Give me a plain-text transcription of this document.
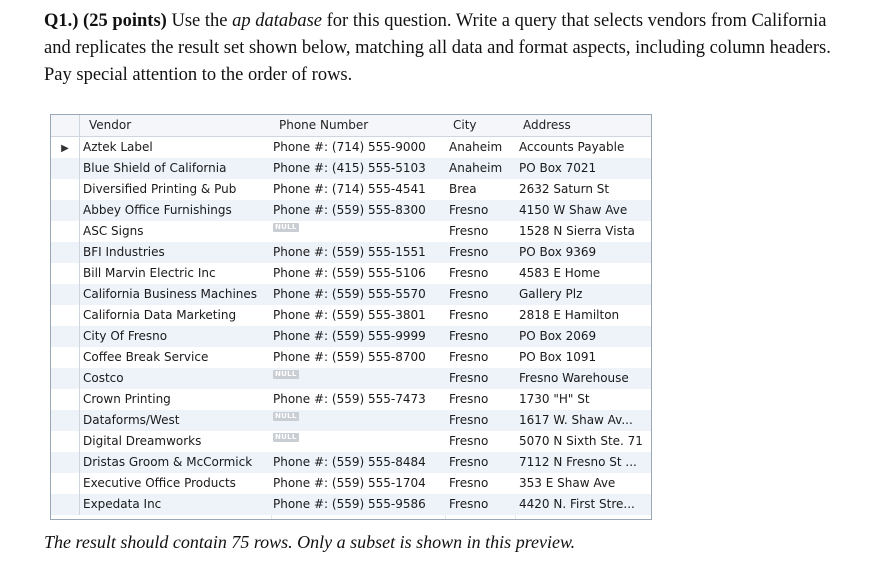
Q1.) (25 points) Use the ap database for this question. Write a query that selects vendors from California and replicates the result set shown below, matching all data and format aspects, including column headers. Pay special attention to the order of rows.
Vendor	Phone Number	City	Address
▶	Aztek Label	Phone #: (714) 555-9000	Anaheim	Accounts Payable
Blue Shield of California	Phone #: (415) 555-5103	Anaheim	PO Box 7021
Diversified Printing & Pub	Phone #: (714) 555-4541	Brea	2632 Saturn St
Abbey Office Furnishings	Phone #: (559) 555-8300	Fresno	4150 W Shaw Ave
ASC Signs	NULL	Fresno	1528 N Sierra Vista
BFI Industries	Phone #: (559) 555-1551	Fresno	PO Box 9369
Bill Marvin Electric Inc	Phone #: (559) 555-5106	Fresno	4583 E Home
California Business Machines	Phone #: (559) 555-5570	Fresno	Gallery Plz
California Data Marketing	Phone #: (559) 555-3801	Fresno	2818 E Hamilton
City Of Fresno	Phone #: (559) 555-9999	Fresno	PO Box 2069
Coffee Break Service	Phone #: (559) 555-8700	Fresno	PO Box 1091
Costco	NULL	Fresno	Fresno Warehouse
Crown Printing	Phone #: (559) 555-7473	Fresno	1730 "H" St
Dataforms/West	NULL	Fresno	1617 W. Shaw Av...
Digital Dreamworks	NULL	Fresno	5070 N Sixth Ste. 71
Dristas Groom & McCormick	Phone #: (559) 555-8484	Fresno	7112 N Fresno St ...
Executive Office Products	Phone #: (559) 555-1704	Fresno	353 E Shaw Ave
Expedata Inc	Phone #: (559) 555-9586	Fresno	4420 N. First Stre...
The result should contain 75 rows. Only a subset is shown in this preview.
